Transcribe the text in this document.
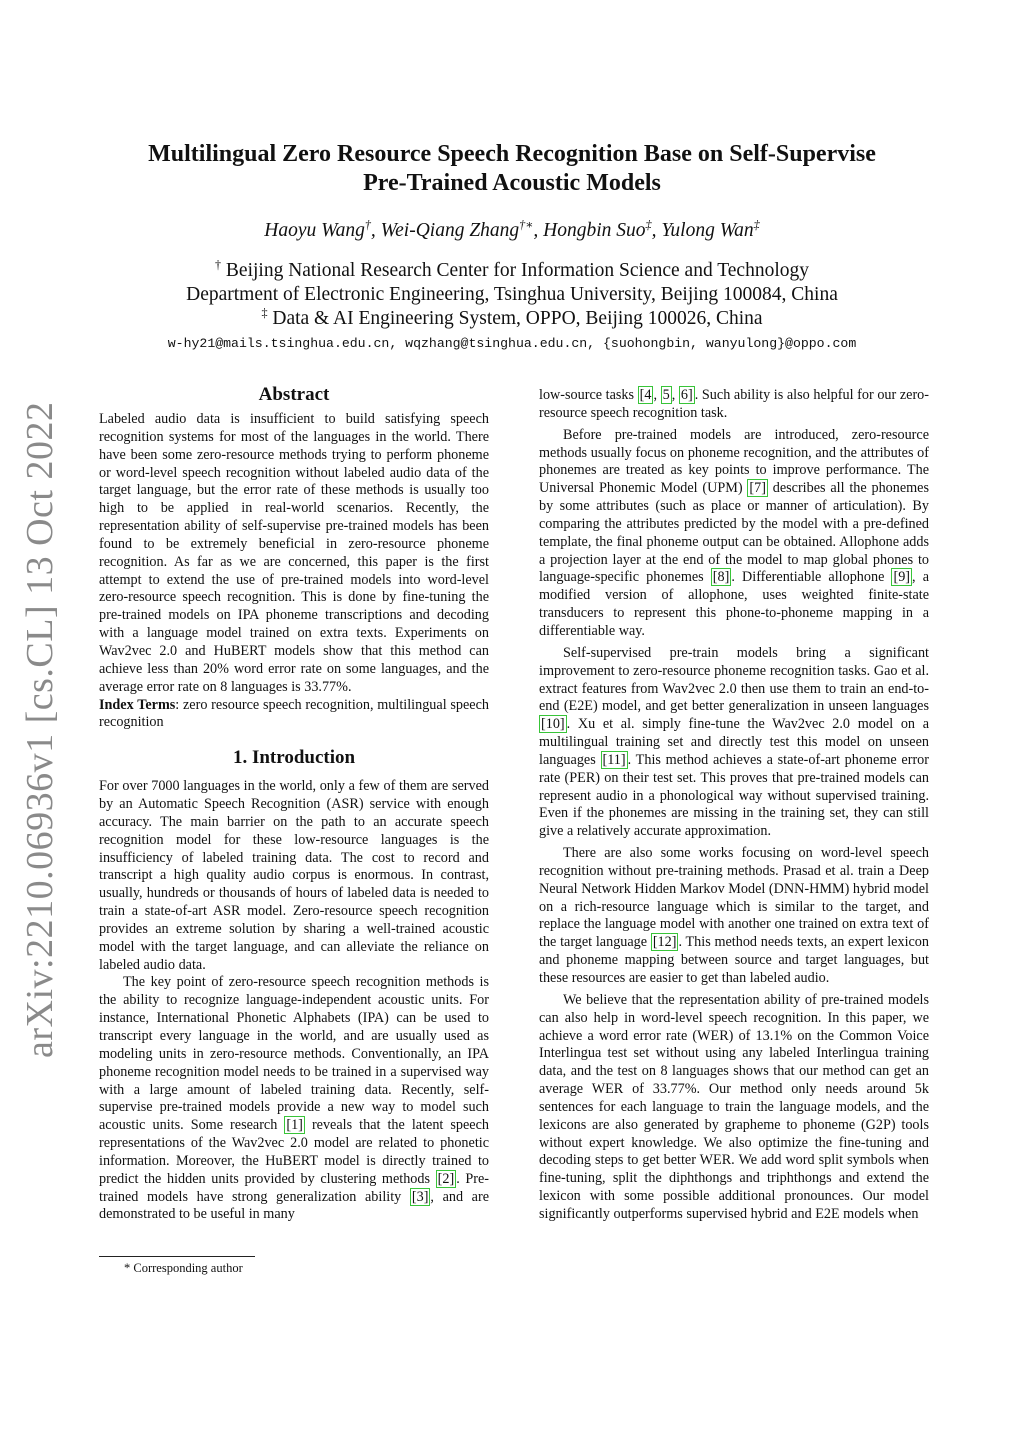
arXiv:2210.06936v1 [cs.CL] 13 Oct 2022
Multilingual Zero Resource Speech Recognition Base on Self-Supervise
Pre-Trained Acoustic Models
Haoyu Wang†, Wei-Qiang Zhang†∗, Hongbin Suo‡, Yulong Wan‡
† Beijing National Research Center for Information Science and Technology
Department of Electronic Engineering, Tsinghua University, Beijing 100084, China
‡ Data & AI Engineering System, OPPO, Beijing 100026, China
w-hy21@mails.tsinghua.edu.cn, wqzhang@tsinghua.edu.cn, {suohongbin, wanyulong}@oppo.com
Abstract

Labeled audio data is insufficient to build satisfying speech recognition systems for most of the languages in the world. There have been some zero-resource methods trying to perform phoneme or word-level speech recognition without labeled audio data of the target language, but the error rate of these methods is usually too high to be applied in real-world scenarios. Recently, the representation ability of self-supervise pre-trained models has been found to be extremely beneficial in zero-resource phoneme recognition. As far as we are concerned, this paper is the first attempt to extend the use of pre-trained models into word-level zero-resource speech recognition. This is done by fine-tuning the pre-trained models on IPA phoneme transcriptions and decoding with a language model trained on extra texts. Experiments on Wav2vec 2.0 and HuBERT models show that this method can achieve less than 20% word error rate on some languages, and the average error rate on 8 languages is 33.77%.

Index Terms: zero resource speech recognition, multilingual speech recognition

1. Introduction

For over 7000 languages in the world, only a few of them are served by an Automatic Speech Recognition (ASR) service with enough accuracy. The main barrier on the path to an accurate speech recognition model for these low-resource languages is the insufficiency of labeled training data. The cost to record and transcript a high quality audio corpus is enormous. In contrast, usually, hundreds or thousands of hours of labeled data is needed to train a state-of-art ASR model. Zero-resource speech recognition provides an extreme solution by sharing a well-trained acoustic model with the target language, and can alleviate the reliance on labeled audio data.

The key point of zero-resource speech recognition methods is the ability to recognize language-independent acoustic units. For instance, International Phonetic Alphabets (IPA) can be used to transcript every language in the world, and are usually used as modeling units in zero-resource methods. Conventionally, an IPA phoneme recognition model needs to be trained in a supervised way with a large amount of labeled training data. Recently, self-supervise pre-trained models provide a new way to model such acoustic units. Some research [1] reveals that the latent speech representations of the Wav2vec 2.0 model are related to phonetic information. Moreover, the HuBERT model is directly trained to predict the hidden units provided by clustering methods [2] . Pre-trained models have strong generalization ability [3] , and are demonstrated to be useful in many

* Corresponding author

low-source tasks [4 , 5 , 6] . Such ability is also helpful for our zero-resource speech recognition task.

Before pre-trained models are introduced, zero-resource methods usually focus on phoneme recognition, and the attributes of phonemes are treated as key points to improve performance. The Universal Phonemic Model (UPM) [7] describes all the phonemes by some attributes (such as place or manner of articulation). By comparing the attributes predicted by the model with a pre-defined template, the final phoneme output can be obtained. Allophone adds a projection layer at the end of the model to map global phones to language-specific phonemes [8] . Differentiable allophone [9] , a modified version of allophone, uses weighted finite-state transducers to represent this phone-to-phoneme mapping in a differentiable way.

Self-supervised pre-train models bring a significant improvement to zero-resource phoneme recognition tasks. Gao et al. extract features from Wav2vec 2.0 then use them to train an end-to-end (E2E) model, and get better generalization in unseen languages [10] . Xu et al. simply fine-tune the Wav2vec 2.0 model on a multilingual training set and directly test this model on unseen languages [11] . This method achieves a state-of-art phoneme error rate (PER) on their test set. This proves that pre-trained models can represent audio in a phonological way without supervised training. Even if the phonemes are missing in the training set, they can still give a relatively accurate approximation.

There are also some works focusing on word-level speech recognition without pre-training methods. Prasad et al. train a Deep Neural Network Hidden Markov Model (DNN-HMM) hybrid model on a rich-resource language which is similar to the target, and replace the language model with another one trained on extra text of the target language [12] . This method needs texts, an expert lexicon and phoneme mapping between source and target languages, but these resources are easier to get than labeled audio.

We believe that the representation ability of pre-trained models can also help in word-level speech recognition. In this paper, we achieve a word error rate (WER) of 13.1% on the Common Voice Interlingua test set without using any labeled Interlingua training data, and the test on 8 languages shows that our method can get an average WER of 33.77%. Our method only needs around 5k sentences for each language to train the language models, and the lexicons are also generated by grapheme to phoneme (G2P) tools without expert knowledge. We also optimize the fine-tuning and decoding steps to get better WER. We add word split symbols when fine-tuning, split the diphthongs and triphthongs and extend the lexicon with some possible additional pronounces. Our model significantly outperforms supervised hybrid and E2E models when
